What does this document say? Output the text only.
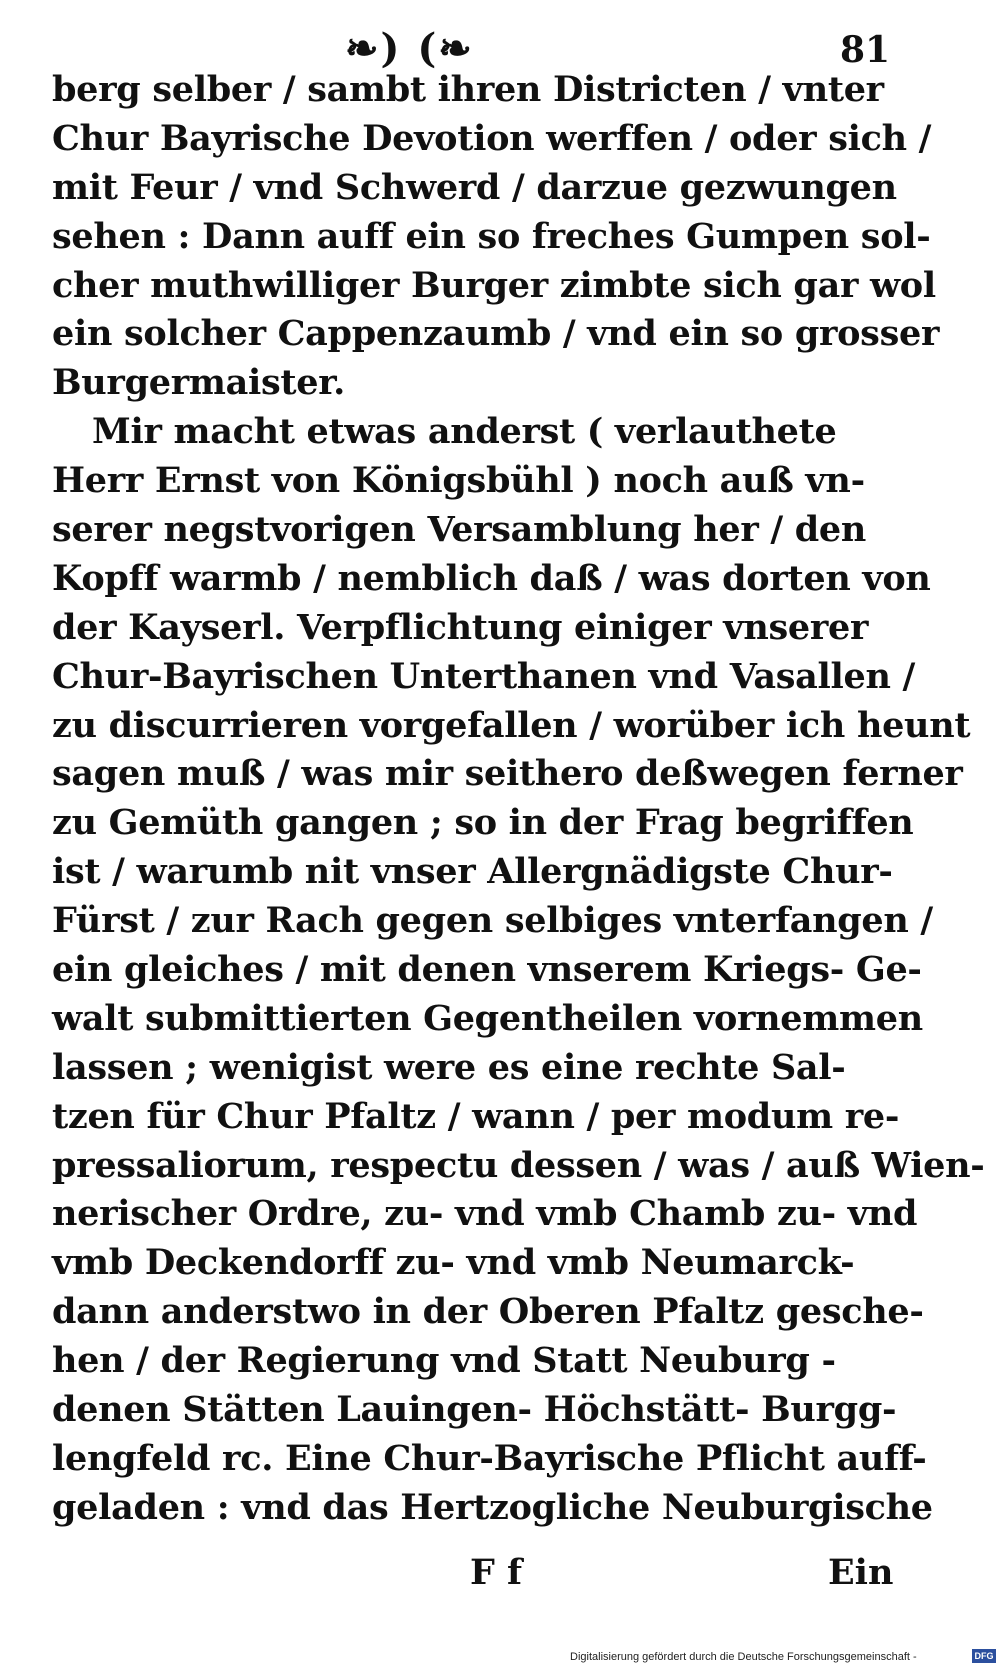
❧) (❧	81
berg selber / sambt ihren Districten / vnter
Chur Bayrische Devotion werffen / oder sich /
mit Feur / vnd Schwerd / darzue gezwungen
sehen : Dann auff ein so freches Gumpen sol-
cher muthwilliger Burger zimbte sich gar wol
ein solcher Cappenzaumb / vnd ein so grosser
Burgermaister.
Mir macht etwas anderst ( verlauthete
Herr Ernst von Königsbühl ) noch auß vn-
serer negstvorigen Versamblung her / den
Kopff warmb / nemblich daß / was dorten von
der Kayserl. Verpflichtung einiger vnserer
Chur-Bayrischen Unterthanen vnd Vasallen /
zu discurrieren vorgefallen / worüber ich heunt
sagen muß / was mir seithero deßwegen ferner
zu Gemüth gangen ; so in der Frag begriffen
ist / warumb nit vnser Allergnädigste Chur-
Fürst / zur Rach gegen selbiges vnterfangen /
ein gleiches / mit denen vnserem Kriegs- Ge-
walt submittierten Gegentheilen vornemmen
lassen ; wenigist were es eine rechte Sal-
tzen für Chur Pfaltz / wann / per modum re-
pressaliorum, respectu dessen / was / auß Wien-
nerischer Ordre, zu- vnd vmb Chamb zu- vnd
vmb Deckendorff zu- vnd vmb Neumarck-
dann anderstwo in der Oberen Pfaltz gesche-
hen / der Regierung vnd Statt Neuburg -
denen Stätten Lauingen- Höchstätt- Burgg-
lengfeld rc. Eine Chur-Bayrische Pflicht auff-
geladen : vnd das Hertzogliche Neuburgische
F f	Ein
Digitalisierung gefördert durch die Deutsche Forschungsgemeinschaft -	DFG
